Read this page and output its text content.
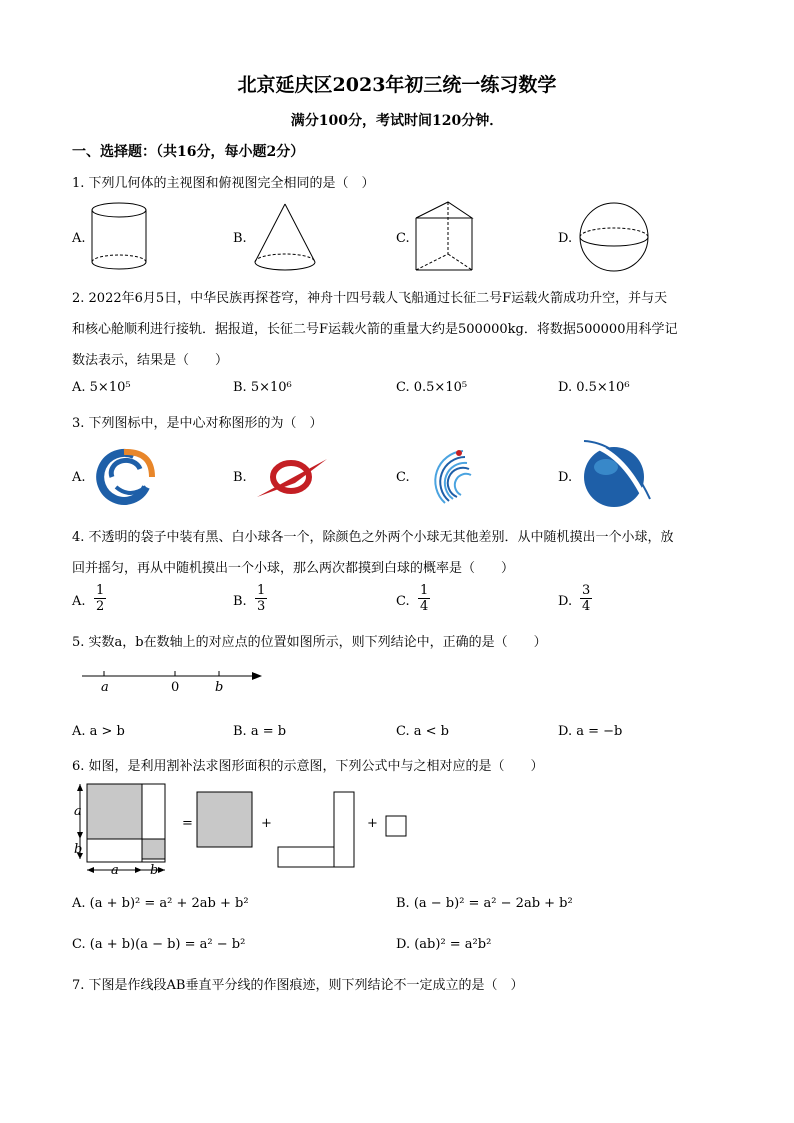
北京延庆区2023年初三统一练习数学
满分100分，考试时间120分钟．
一、选择题：（共16分，每小题2分）
1. 下列几何体的主视图和俯视图完全相同的是（　）
A.	B.	C.	D.
2. 2022年6月5日，中华民族再探苍穹，神舟十四号载人飞船通过长征二号F运载火箭成功升空，并与天
和核心舱顺利进行接轨．据报道，长征二号F运载火箭的重量大约是500000kg．将数据500000用科学记
数法表示，结果是（　　）
A. 5×10⁵	B. 5×10⁶	C. 0.5×10⁵	D. 0.5×10⁶
3. 下列图标中，是中心对称图形的为（　）
A.	B.	C.	D.
4. 不透明的袋子中装有黑、白小球各一个，除颜色之外两个小球无其他差别．从中随机摸出一个小球，放
回并摇匀，再从中随机摸出一个小球，那么两次都摸到白球的概率是（　　）
A. $\frac{1}{2}$	B. $\frac{1}{3}$	C. $\frac{1}{4}$	D. $\frac{3}{4}$
5. 实数a，b在数轴上的对应点的位置如图所示，则下列结论中，正确的是（　　）
a	0	b
A. a > b	B. a = b	C. a < b	D. a = −b
6. 如图，是利用割补法求图形面积的示意图，下列公式中与之相对应的是（　　）
a
b
a b
=	+	+
A. (a + b)² = a² + 2ab + b²	B. (a − b)² = a² − 2ab + b²
C. (a + b)(a − b) = a² − b²	D. (ab)² = a²b²
7. 下图是作线段AB垂直平分线的作图痕迹，则下列结论不一定成立的是（　）
